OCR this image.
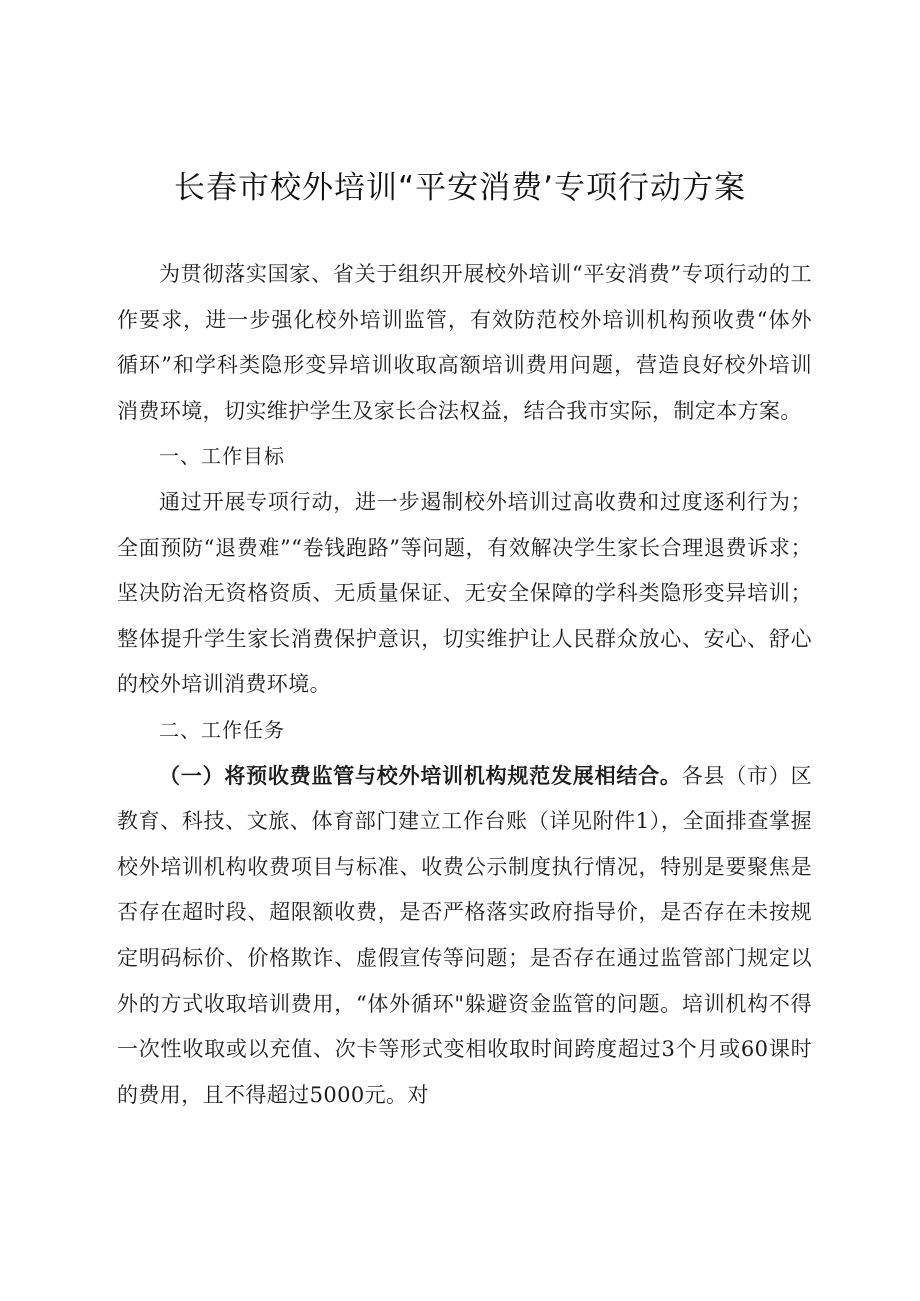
长春市校外培训“平安消费’专项行动方案

为贯彻落实国家、省关于组织开展校外培训“平安消费”专项行动的工作要求，进一步强化校外培训监管，有效防范校外培训机构预收费“体外循环”和学科类隐形变异培训收取高额培训费用问题，营造良好校外培训消费环境，切实维护学生及家长合法权益，结合我市实际，制定本方案。

一、工作目标

通过开展专项行动，进一步遏制校外培训过高收费和过度逐利行为；全面预防“退费难”“卷钱跑路”等问题，有效解决学生家长合理退费诉求；坚决防治无资格资质、无质量保证、无安全保障的学科类隐形变异培训；整体提升学生家长消费保护意识，切实维护让人民群众放心、安心、舒心的校外培训消费环境。

二、工作任务

（一）将预收费监管与校外培训机构规范发展相结合。各县（市）区教育、科技、文旅、体育部门建立工作台账（详见附件1），全面排查掌握校外培训机构收费项目与标准、收费公示制度执行情况，特别是要聚焦是否存在超时段、超限额收费，是否严格落实政府指导价，是否存在未按规定明码标价、价格欺诈、虚假宣传等问题；是否存在通过监管部门规定以外的方式收取培训费用，“体外循环"躲避资金监管的问题。培训机构不得一次性收取或以充值、次卡等形式变相收取时间跨度超过3个月或60课时的费用，且不得超过5000元。对
